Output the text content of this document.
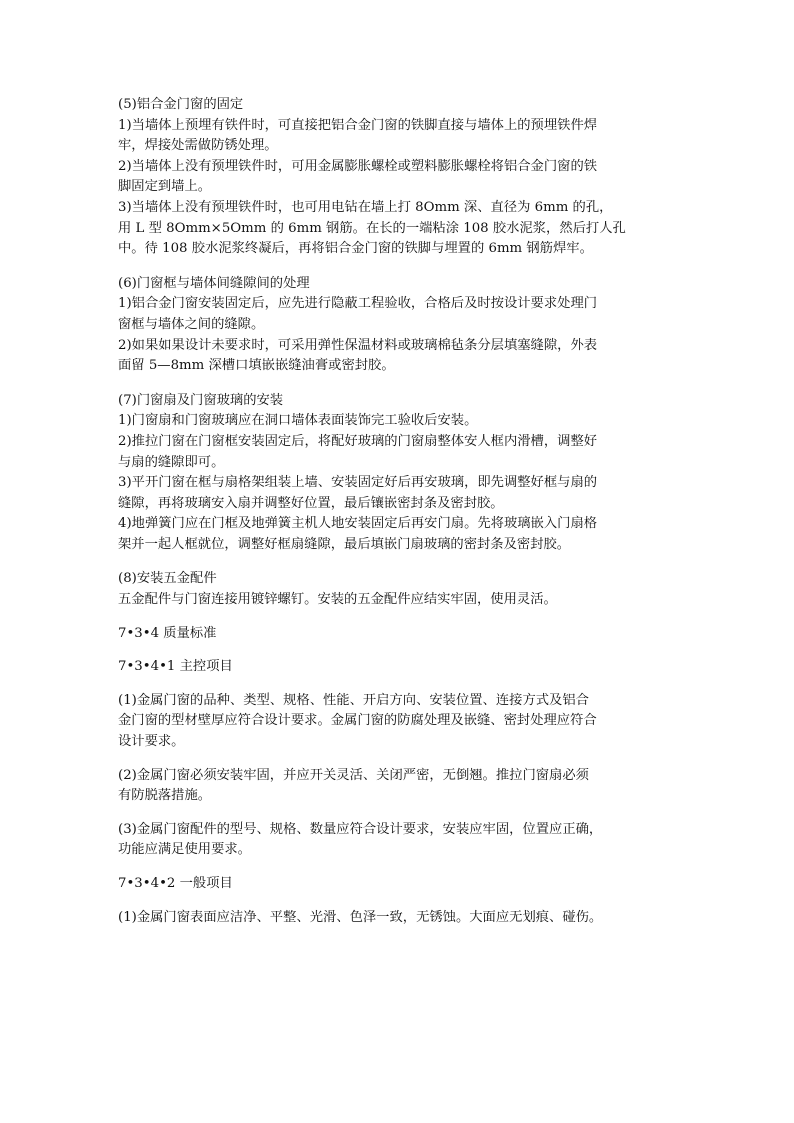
(5)铝合金门窗的固定
1)当墙体上预埋有铁件时，可直接把铝合金门窗的铁脚直接与墙体上的预埋铁件焊
牢，焊接处需做防锈处理。
2)当墙体上没有预埋铁件时，可用金属膨胀螺栓或塑料膨胀螺栓将铝合金门窗的铁
脚固定到墙上。
3)当墙体上没有预埋铁件时，也可用电钻在墙上打 8Omm 深、直径为 6mm 的孔，
用 L 型 8Omm×5Omm 的 6mm 钢筋。在长的一端粘涂 108 胶水泥浆，然后打人孔
中。待 108 胶水泥浆终凝后，再将铝合金门窗的铁脚与埋置的 6mm 钢筋焊牢。
(6)门窗框与墙体间缝隙间的处理
1)铝合金门窗安装固定后，应先进行隐蔽工程验收，合格后及时按设计要求处理门
窗框与墙体之间的缝隙。
2)如果如果设计未要求时，可采用弹性保温材料或玻璃棉毡条分层填塞缝隙，外表
面留 5—8mm 深槽口填嵌嵌缝油膏或密封胶。
(7)门窗扇及门窗玻璃的安装
1)门窗扇和门窗玻璃应在洞口墙体表面装饰完工验收后安装。
2)推拉门窗在门窗框安装固定后，将配好玻璃的门窗扇整体安人框内滑槽，调整好
与扇的缝隙即可。
3)平开门窗在框与扇格架组装上墙、安装固定好后再安玻璃，即先调整好框与扇的
缝隙，再将玻璃安入扇并调整好位置，最后镶嵌密封条及密封胶。
4)地弹簧门应在门框及地弹簧主机人地安装固定后再安门扇。先将玻璃嵌入门扇格
架并一起人框就位，调整好框扇缝隙，最后填嵌门扇玻璃的密封条及密封胶。
(8)安装五金配件
五金配件与门窗连接用镀锌螺钉。安装的五金配件应结实牢固，使用灵活。
7•3•4 质量标准
7•3•4•1 主控项目
(1)金属门窗的品种、类型、规格、性能、开启方向、安装位置、连接方式及铝合
金门窗的型材壁厚应符合设计要求。金属门窗的防腐处理及嵌缝、密封处理应符合
设计要求。
(2)金属门窗必须安装牢固，并应开关灵活、关闭严密，无倒翘。推拉门窗扇必须
有防脱落措施。
(3)金属门窗配件的型号、规格、数量应符合设计要求，安装应牢固，位置应正确，
功能应满足使用要求。
7•3•4•2 一般项目
(1)金属门窗表面应洁净、平整、光滑、色泽一致，无锈蚀。大面应无划痕、碰伤。
